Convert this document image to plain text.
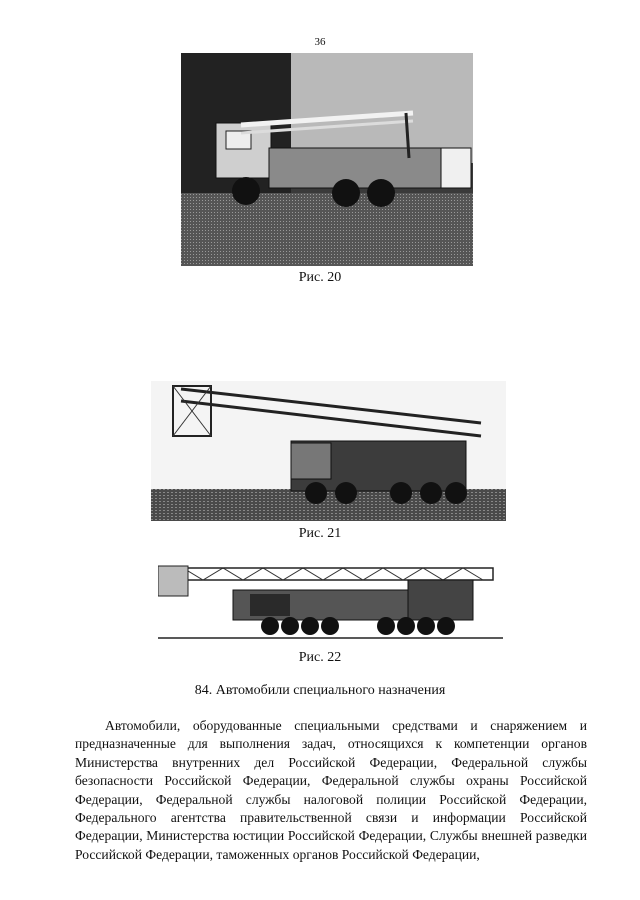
36
Рис. 20
Рис. 21
Рис. 22
84. Автомобили специального назначения

Автомобили, оборудованные специальными средствами и снаряжением и предназначенные для выполнения задач, относящихся к компетенции органов Министерства внутренних дел Российской Федерации, Федеральной службы безопасности Российской Федерации, Федеральной службы охраны Российской Федерации, Федеральной службы налоговой полиции Российской Федерации, Федерального агентства правительственной связи и информации Российской Федерации, Министерства юстиции Российской Федерации, Службы внешней разведки Российской Федерации, таможенных органов Российской Федерации,
